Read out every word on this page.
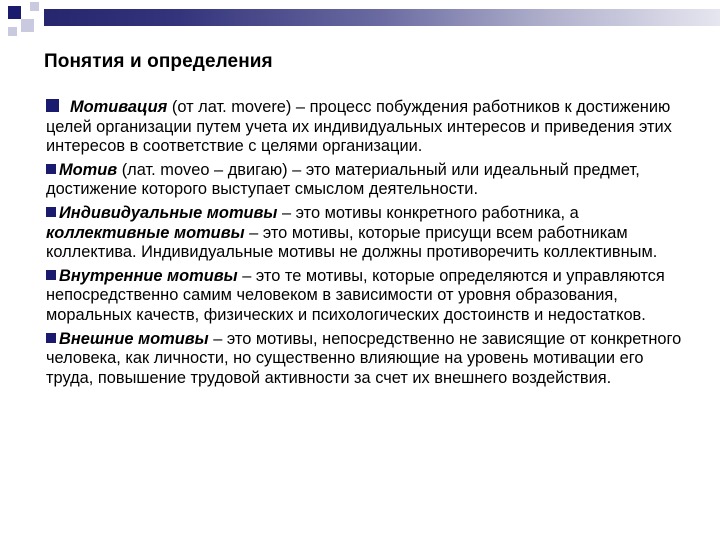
Понятия и определения

Мотивация (от лат. movere) – процесс побуждения работников к достижению целей организации путем учета их индивидуальных интересов и приведения этих интересов в соответствие с целями организации.

Мотив (лат. moveo – двигаю) – это материальный или идеальный предмет, достижение которого выступает смыслом деятельности.

Индивидуальные мотивы – это мотивы конкретного работника, а коллективные мотивы – это мотивы, которые присущи всем работникам коллектива. Индивидуальные мотивы не должны противоречить коллективным.

Внутренние мотивы – это те мотивы, которые определяются и управляются непосредственно самим человеком в зависимости от уровня образования, моральных качеств, физических и психологических достоинств и недостатков.

Внешние мотивы – это мотивы, непосредственно не зависящие от конкретного человека, как личности, но существенно влияющие на уровень мотивации его труда, повышение трудовой активности за счет их внешнего воздействия.
